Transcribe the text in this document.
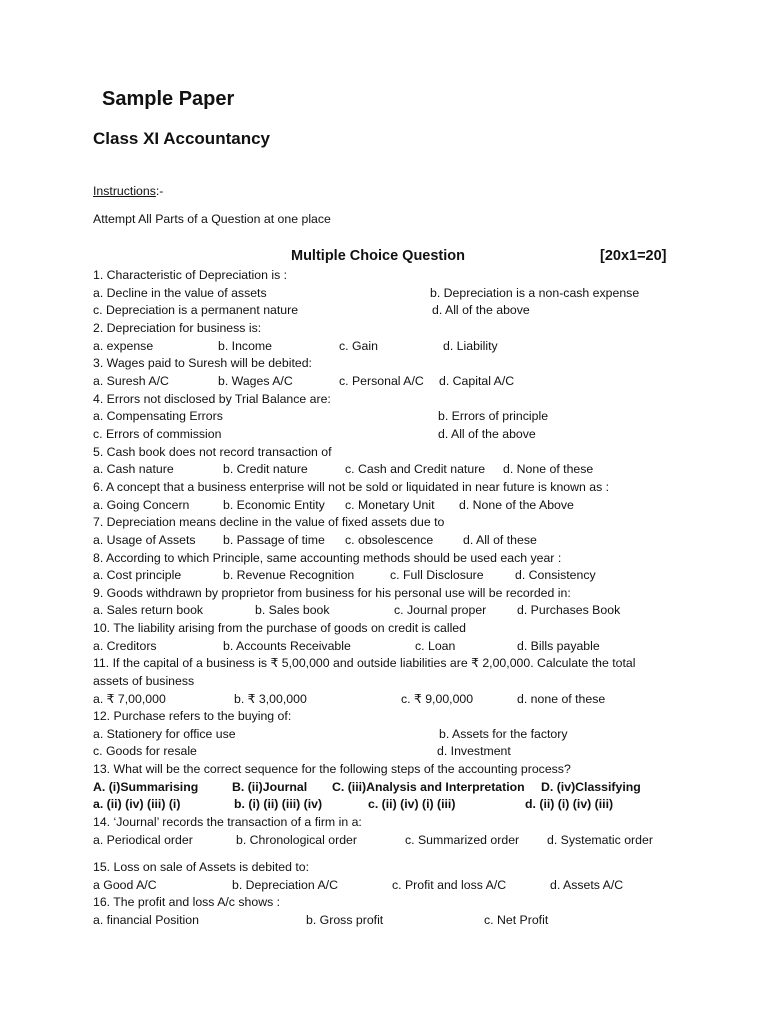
Sample Paper
Class XI Accountancy
Instructions:-
Attempt All Parts of a Question at one place
Multiple Choice Question	[20x1=20]
1. Characteristic of Depreciation is :
a. Decline in the value of assets	b. Depreciation is a non-cash expense
c. Depreciation is a permanent nature	d. All of the above
2. Depreciation for business is:
a. expense	b. Income	c. Gain	d. Liability
3. Wages paid to Suresh will be debited:
a. Suresh A/C	b. Wages A/C	c. Personal A/C d. Capital A/C
4. Errors not disclosed by Trial Balance are:
a. Compensating Errors	b. Errors of principle
c. Errors of commission	d. All of the above
5. Cash book does not record transaction of
a. Cash nature	b. Credit nature	c. Cash and Credit nature d. None of these
6. A concept that a business enterprise will not be sold or liquidated in near future is known as :
a. Going Concern	b. Economic Entity c. Monetary Unit d. None of the Above
7. Depreciation means decline in the value of fixed assets due to
a. Usage of Assets b. Passage of time c. obsolescence d. All of these
8. According to which Principle, same accounting methods should be used each year :
a. Cost principle	b. Revenue Recognition	c. Full Disclosure	d. Consistency
9. Goods withdrawn by proprietor from business for his personal use will be recorded in:
a. Sales return book	b. Sales book	c. Journal proper d. Purchases Book
10. The liability arising from the purchase of goods on credit is called
a. Creditors	b. Accounts Receivable	c. Loan	d. Bills payable
11. If the capital of a business is ₹ 5,00,000 and outside liabilities are ₹ 2,00,000. Calculate the total
assets of business
a. ₹ 7,00,000	b. ₹ 3,00,000	c. ₹ 9,00,000	d. none of these
12. Purchase refers to the buying of:
a. Stationery for office use	b. Assets for the factory
c. Goods for resale	d. Investment
13. What will be the correct sequence for the following steps of the accounting process?
A. (i)Summarising	B. (ii)Journal C. (iii)Analysis and Interpretation D. (iv)Classifying
a. (ii) (iv) (iii) (i)	b. (i) (ii) (iii) (iv)	c. (ii) (iv) (i) (iii)	d. (ii) (i) (iv) (iii)
14. ‘Journal’ records the transaction of a firm in a:
a. Periodical order	b. Chronological order	c. Summarized order d. Systematic order
15. Loss on sale of Assets is debited to:
a Good A/C	b. Depreciation A/C	c. Profit and loss A/C	d. Assets A/C
16. The profit and loss A/c shows :
a. financial Position	b. Gross profit	c. Net Profit
